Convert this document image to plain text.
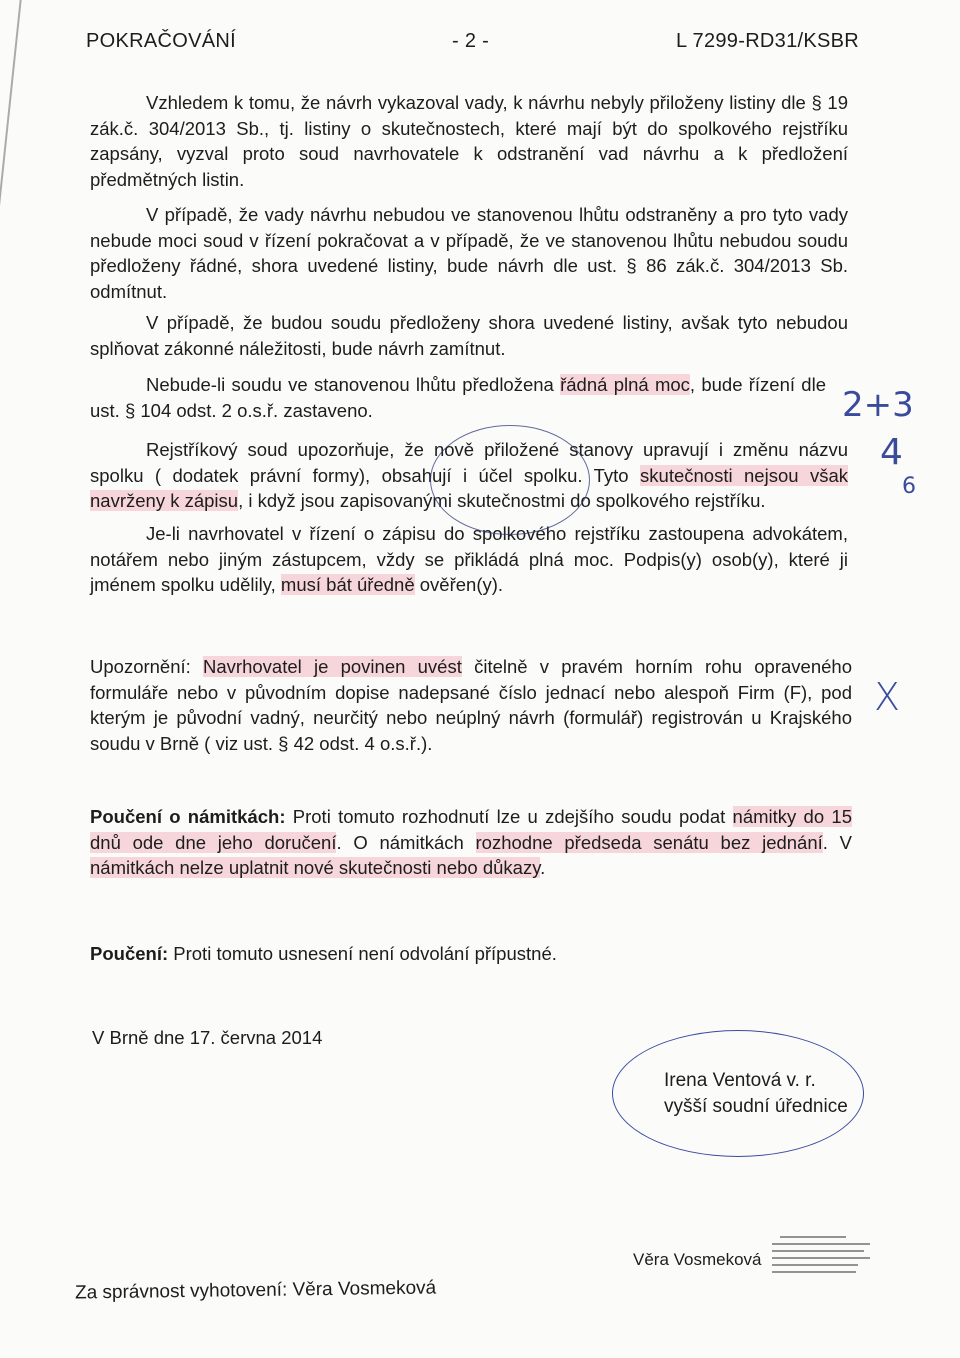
POKRAČOVÁNÍ	- 2 -	L 7299-RD31/KSBR

Vzhledem k tomu, že návrh vykazoval vady, k návrhu nebyly přiloženy listiny dle § 19 zák.č. 304/2013 Sb., tj. listiny o skutečnostech, které mají být do spolkového rejstříku zapsány, vyzval proto soud navrhovatele k odstranění vad návrhu a k předložení předmětných listin.

V případě, že vady návrhu nebudou ve stanovenou lhůtu odstraněny a pro tyto vady nebude moci soud v řízení pokračovat a v případě, že ve stanovenou lhůtu nebudou soudu předloženy řádné, shora uvedené listiny, bude návrh dle ust. § 86 zák.č. 304/2013 Sb. odmítnut.

V případě, že budou soudu předloženy shora uvedené listiny, avšak tyto nebudou splňovat zákonné náležitosti, bude návrh zamítnut.

Nebude-li soudu ve stanovenou lhůtu předložena řádná plná moc, bude řízení dle ust. § 104 odst. 2 o.s.ř. zastaveno.

Rejstříkový soud upozorňuje, že nově přiložené stanovy upravují i změnu názvu spolku ( dodatek právní formy), obsahují i účel spolku. Tyto skutečnosti nejsou však navrženy k zápisu, i když jsou zapisovanými skutečnostmi do spolkového rejstříku.

Je-li navrhovatel v řízení o zápisu do spolkového rejstříku zastoupena advokátem, notářem nebo jiným zástupcem, vždy se přikládá plná moc. Podpis(y) osob(y), které ji jménem spolku udělily, musí bát úředně ověřen(y).

Upozornění: Navrhovatel je povinen uvést čitelně v pravém horním rohu opraveného formuláře nebo v původním dopise nadepsané číslo jednací nebo alespoň Firm (F), pod kterým je původní vadný, neurčitý nebo neúplný návrh (formulář) registrován u Krajského soudu v Brně ( viz ust. § 42 odst. 4 o.s.ř.).

Poučení o námitkách: Proti tomuto rozhodnutí lze u zdejšího soudu podat námitky do 15 dnů ode dne jeho doručení. O námitkách rozhodne předseda senátu bez jednání. V námitkách nelze uplatnit nové skutečnosti nebo důkazy.

Poučení: Proti tomuto usnesení není odvolání přípustné.

V Brně dne 17. června 2014
Irena Ventová v. r.
vyšší soudní úřednice
Věra Vosmeková
Za správnost vyhotovení: Věra Vosmeková
2+3
4
6
X
